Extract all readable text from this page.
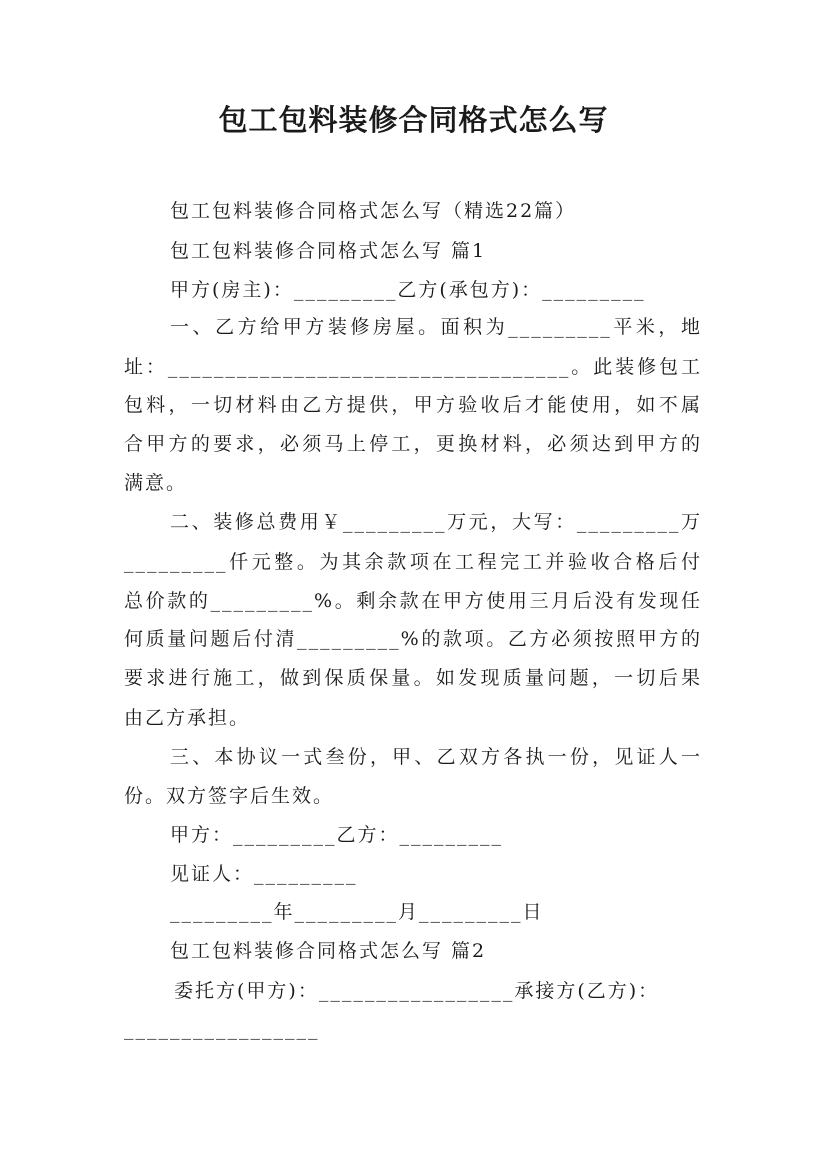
包工包料装修合同格式怎么写
包工包料装修合同格式怎么写（精选22篇）
包工包料装修合同格式怎么写 篇1
甲方(房主)：_________乙方(承包方)：_________
一、乙方给甲方装修房屋。面积为_________平米，地
址：___________________________________。此装修包工
包料，一切材料由乙方提供，甲方验收后才能使用，如不属
合甲方的要求，必须马上停工，更换材料，必须达到甲方的
满意。
二、装修总费用￥_________万元，大写：_________万
_________仟元整。为其余款项在工程完工并验收合格后付
总价款的_________%。剩余款在甲方使用三月后没有发现任
何质量问题后付清_________%的款项。乙方必须按照甲方的
要求进行施工，做到保质保量。如发现质量问题，一切后果
由乙方承担。
三、本协议一式叁份，甲、乙双方各执一份，见证人一
份。双方签字后生效。
甲方：_________乙方：_________
见证人：_________
_________年_________月_________日
包工包料装修合同格式怎么写 篇2
委托方(甲方)：_________________承接方(乙方)：
_________________
